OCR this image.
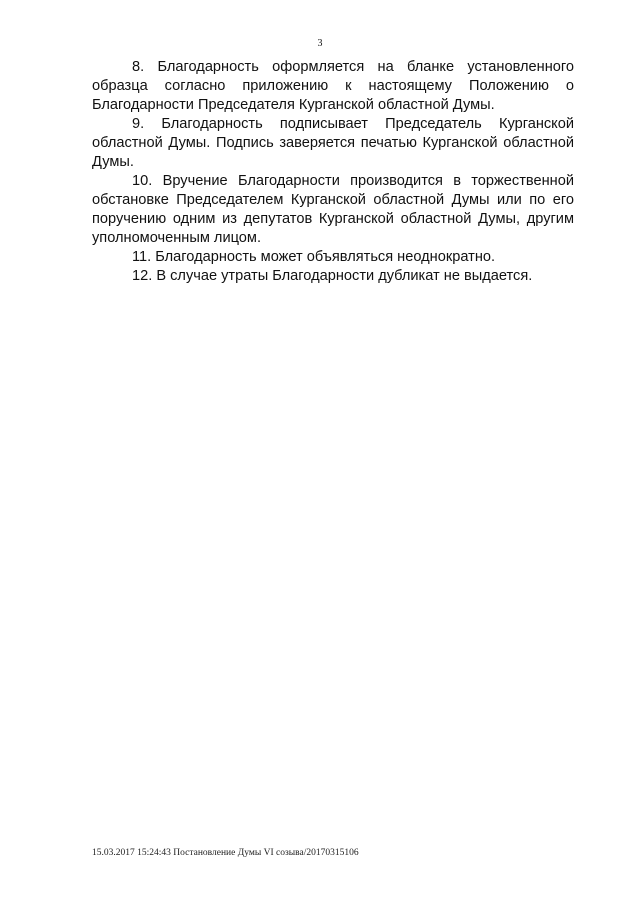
3

8. Благодарность оформляется на бланке установленного образца согласно приложению к настоящему Положению о Благодарности Председателя Курганской областной Думы.

9. Благодарность подписывает Председатель Курганской областной Думы. Подпись заверяется печатью Курганской областной Думы.

10. Вручение Благодарности производится в торжественной обстановке Председателем Курганской областной Думы или по его поручению одним из депутатов Курганской областной Думы, другим уполномоченным лицом.

11. Благодарность может объявляться неоднократно.

12. В случае утраты Благодарности дубликат не выдается.

15.03.2017 15:24:43 Постановление Думы VI созыва/20170315106
